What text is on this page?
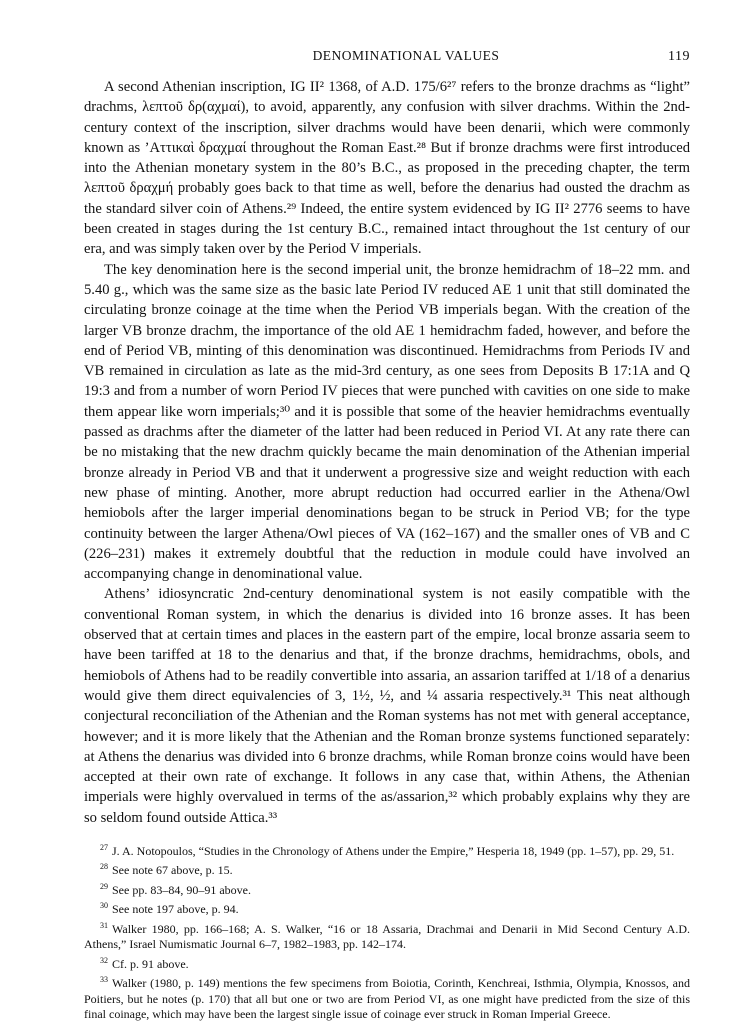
DENOMINATIONAL VALUES	119

A second Athenian inscription, IG II² 1368, of A.D. 175/6²⁷ refers to the bronze drachms as “light” drachms, λεπτοῦ δρ(αχμαί), to avoid, apparently, any confusion with silver drachms. Within the 2nd-century context of the inscription, silver drachms would have been denarii, which were commonly known as ’Αττικαὶ δραχμαί throughout the Roman East.²⁸ But if bronze drachms were first introduced into the Athenian monetary system in the 80’s B.C., as proposed in the preceding chapter, the term λεπτοῦ δραχμή probably goes back to that time as well, before the denarius had ousted the drachm as the standard silver coin of Athens.²⁹ Indeed, the entire system evidenced by IG II² 2776 seems to have been created in stages during the 1st century B.C., remained intact throughout the 1st century of our era, and was simply taken over by the Period V imperials.

The key denomination here is the second imperial unit, the bronze hemidrachm of 18–22 mm. and 5.40 g., which was the same size as the basic late Period IV reduced AE 1 unit that still dominated the circulating bronze coinage at the time when the Period VB imperials began. With the creation of the larger VB bronze drachm, the importance of the old AE 1 hemidrachm faded, however, and before the end of Period VB, minting of this denomination was discontinued. Hemidrachms from Periods IV and VB remained in circulation as late as the mid-3rd century, as one sees from Deposits B 17:1A and Q 19:3 and from a number of worn Period IV pieces that were punched with cavities on one side to make them appear like worn imperials;³⁰ and it is possible that some of the heavier hemidrachms eventually passed as drachms after the diameter of the latter had been reduced in Period VI. At any rate there can be no mistaking that the new drachm quickly became the main denomination of the Athenian imperial bronze already in Period VB and that it underwent a progressive size and weight reduction with each new phase of minting. Another, more abrupt reduction had occurred earlier in the Athena/Owl hemiobols after the larger imperial denominations began to be struck in Period VB; for the type continuity between the larger Athena/Owl pieces of VA (162–167) and the smaller ones of VB and C (226–231) makes it extremely doubtful that the reduction in module could have involved an accompanying change in denominational value.

Athens’ idiosyncratic 2nd-century denominational system is not easily compatible with the conventional Roman system, in which the denarius is divided into 16 bronze asses. It has been observed that at certain times and places in the eastern part of the empire, local bronze assaria seem to have been tariffed at 18 to the denarius and that, if the bronze drachms, hemidrachms, obols, and hemiobols of Athens had to be readily convertible into assaria, an assarion tariffed at 1/18 of a denarius would give them direct equivalencies of 3, 1½, ½, and ¼ assaria respectively.³¹ This neat although conjectural reconciliation of the Athenian and the Roman systems has not met with general acceptance, however; and it is more likely that the Athenian and the Roman bronze systems functioned separately: at Athens the denarius was divided into 6 bronze drachms, while Roman bronze coins would have been accepted at their own rate of exchange. It follows in any case that, within Athens, the Athenian imperials were highly overvalued in terms of the as/assarion,³² which probably explains why they are so seldom found outside Attica.³³

$^{27}$ J. A. Notopoulos, “Studies in the Chronology of Athens under the Empire,” Hesperia 18, 1949 (pp. 1–57), pp. 29, 51.

$^{28}$ See note 67 above, p. 15.

$^{29}$ See pp. 83–84, 90–91 above.

$^{30}$ See note 197 above, p. 94.

$^{31}$ Walker 1980, pp. 166–168; A. S. Walker, “16 or 18 Assaria, Drachmai and Denarii in Mid Second Century A.D. Athens,” Israel Numismatic Journal 6–7, 1982–1983, pp. 142–174.

$^{32}$ Cf. p. 91 above.

$^{33}$ Walker (1980, p. 149) mentions the few specimens from Boiotia, Corinth, Kenchreai, Isthmia, Olympia, Knossos, and Poitiers, but he notes (p. 170) that all but one or two are from Period VI, as one might have predicted from the size of this final coinage, which may have been the largest single issue of coinage ever struck in Roman Imperial Greece.
